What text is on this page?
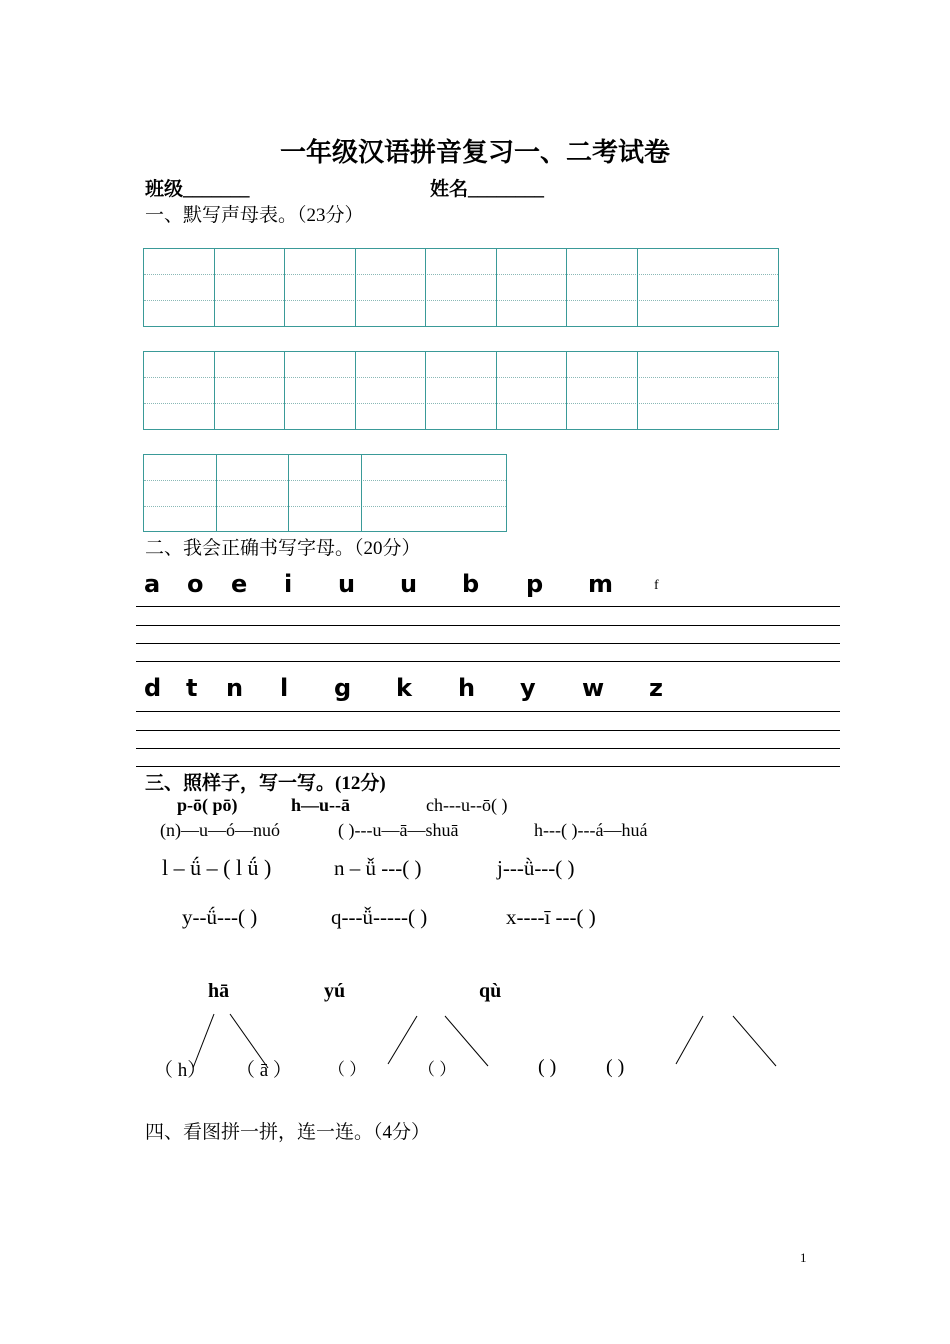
一年级汉语拼音复习一、二考试卷
班级_______	姓名________
一、默写声母表。（23分）
二、我会正确书写字母。（20分）
a o e i u u b p m	f
d t n l g k h y w z
三、照样子，写一写。(12分)
p-ō( pō)	h—u--ā	ch---u--ō( )
(n)—u—ó—nuó	( )---u—ā—shuā	h---( )---á—huá
l – ǘ – ( l ǘ )	n – ǚ ---( )	j---ǜ---( )
y--ǘ---( )	q---ǚ-----( )	x----ī ---( )
hā	yú	qù
（ h） （ ā ） （ ）	（ ）	( ) ( )
四、看图拼一拼，连一连。（4分）
1
